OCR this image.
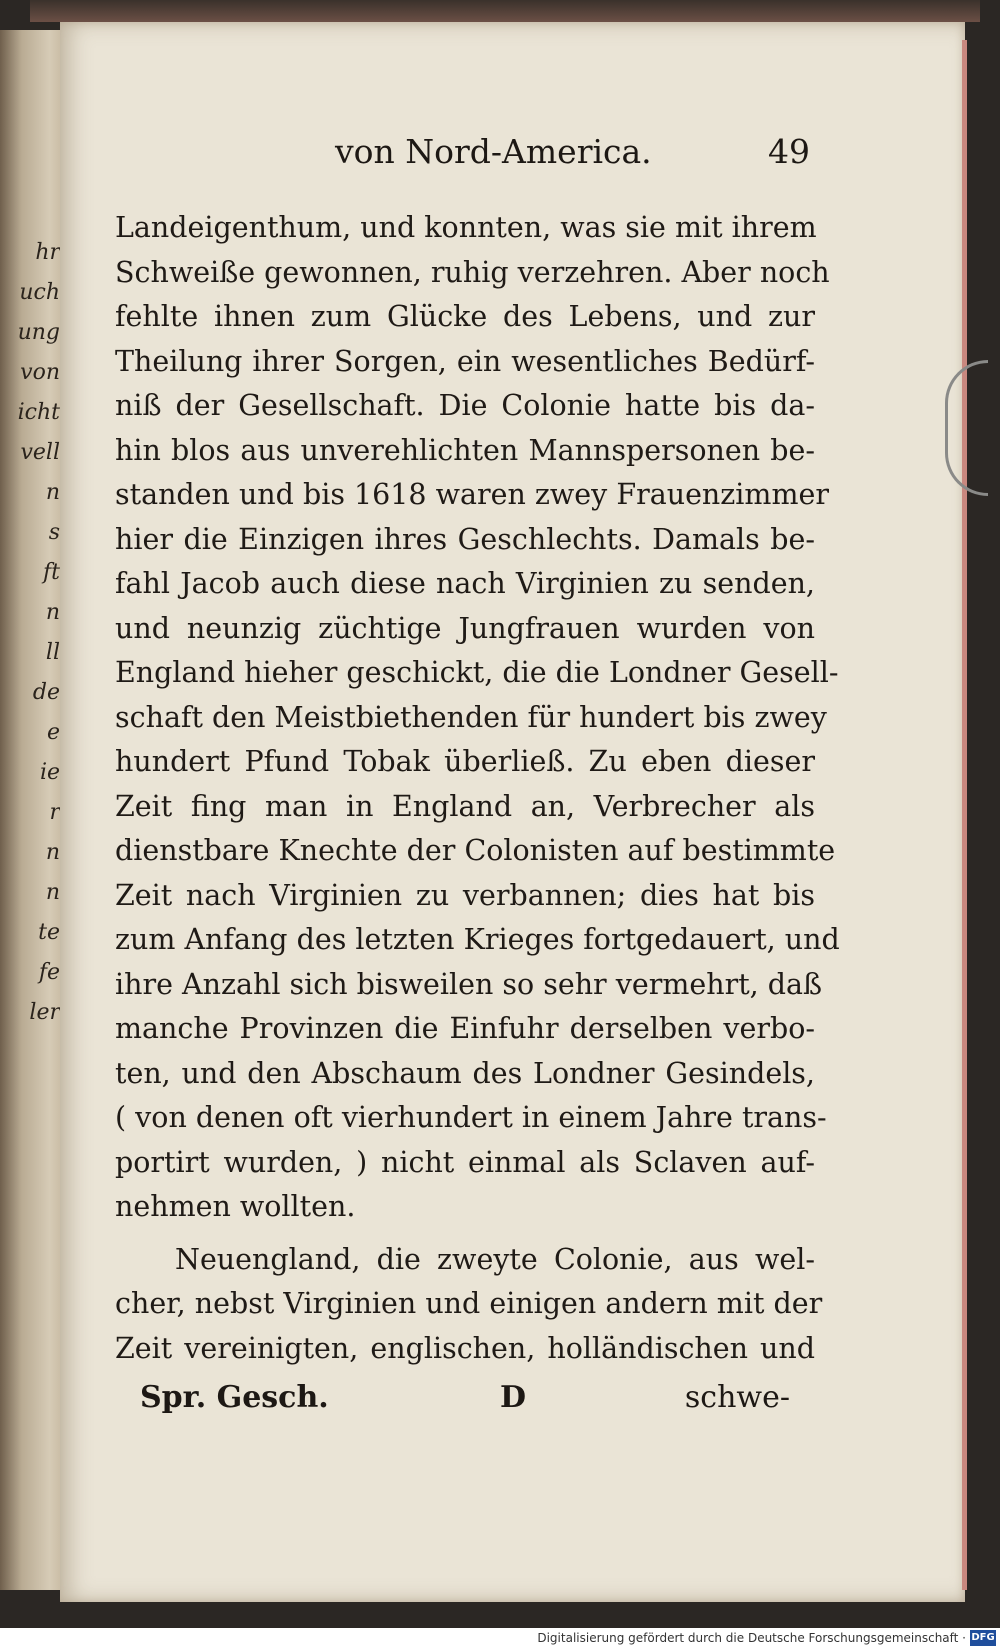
hr
uch
ung
von
icht
vell
n
s
ft
n
ll
de
e
ie
r
n
n
te
fe
ler
von Nord-America.	49
Landeigenthum, und konnten, was sie mit ihrem
Schweiße gewonnen, ruhig verzehren. Aber noch
fehlte ihnen zum Glücke des Lebens, und zur
Theilung ihrer Sorgen, ein wesentliches Bedürf-
niß der Gesellschaft. Die Colonie hatte bis da-
hin blos aus unverehlichten Mannspersonen be-
standen und bis 1618 waren zwey Frauenzimmer
hier die Einzigen ihres Geschlechts. Damals be-
fahl Jacob auch diese nach Virginien zu senden,
und neunzig züchtige Jungfrauen wurden von
England hieher geschickt, die die Londner Gesell-
schaft den Meistbiethenden für hundert bis zwey
hundert Pfund Tobak überließ. Zu eben dieser
Zeit fing man in England an, Verbrecher als
dienstbare Knechte der Colonisten auf bestimmte
Zeit nach Virginien zu verbannen; dies hat bis
zum Anfang des letzten Krieges fortgedauert, und
ihre Anzahl sich bisweilen so sehr vermehrt, daß
manche Provinzen die Einfuhr derselben verbo-
ten, und den Abschaum des Londner Gesindels,
( von denen oft vierhundert in einem Jahre trans-
portirt wurden, ) nicht einmal als Sclaven auf-
nehmen wollten.
Neuengland, die zweyte Colonie, aus wel-
cher, nebst Virginien und einigen andern mit der
Zeit vereinigten, englischen, holländischen und
Spr. Gesch.	D	schwe-
Digitalisierung gefördert durch die Deutsche Forschungsgemeinschaft · DFG
